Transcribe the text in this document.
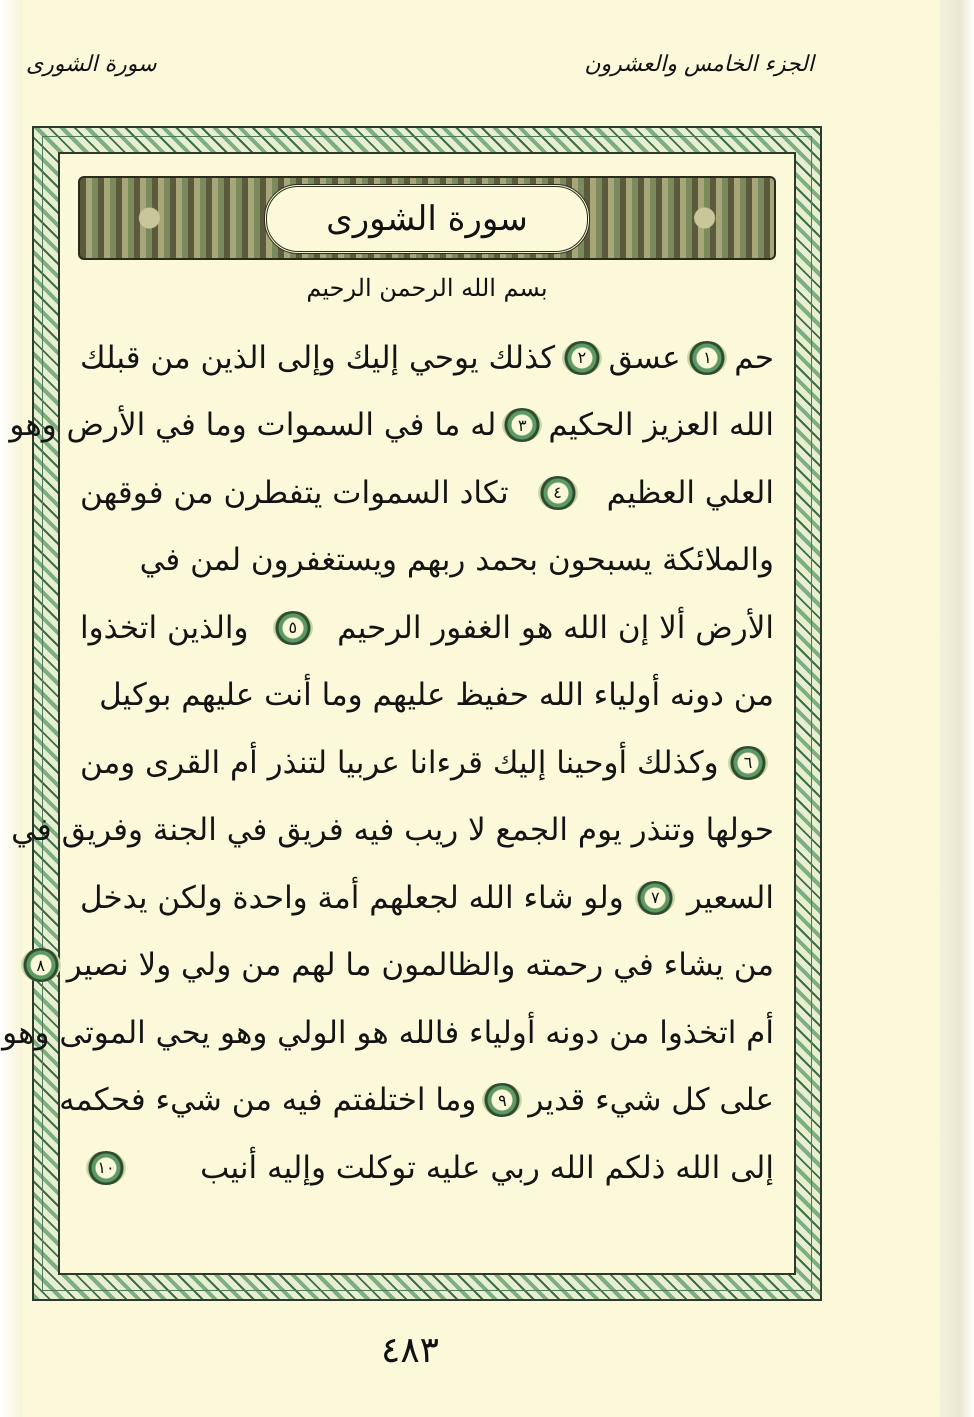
الجزء الخامس والعشرون
سورة الشورى
سورة الشورى
بسم الله الرحمن الرحيم
حم
١
عسق
٢
كذلك يوحي إليك وإلى الذين من قبلك
الله العزيز الحكيم
٣
له ما في السموات وما في الأرض وهو
العلي العظيم
٤
تكاد السموات يتفطرن من فوقهن
والملائكة يسبحون بحمد ربهم ويستغفرون لمن في
الأرض ألا إن الله هو الغفور الرحيم
٥
والذين اتخذوا
من دونه أولياء الله حفيظ عليهم وما أنت عليهم بوكيل
٦
وكذلك أوحينا إليك قرءانا عربيا لتنذر أم القرى ومن
حولها وتنذر يوم الجمع لا ريب فيه فريق في الجنة وفريق في
السعير
٧
ولو شاء الله لجعلهم أمة واحدة ولكن يدخل
من يشاء في رحمته والظالمون ما لهم من ولي ولا نصير
٨
أم اتخذوا من دونه أولياء فالله هو الولي وهو يحي الموتى وهو
على كل شيء قدير
٩
وما اختلفتم فيه من شيء فحكمه
إلى الله ذلكم الله ربي عليه توكلت وإليه أنيب
١٠
٤٨٣
